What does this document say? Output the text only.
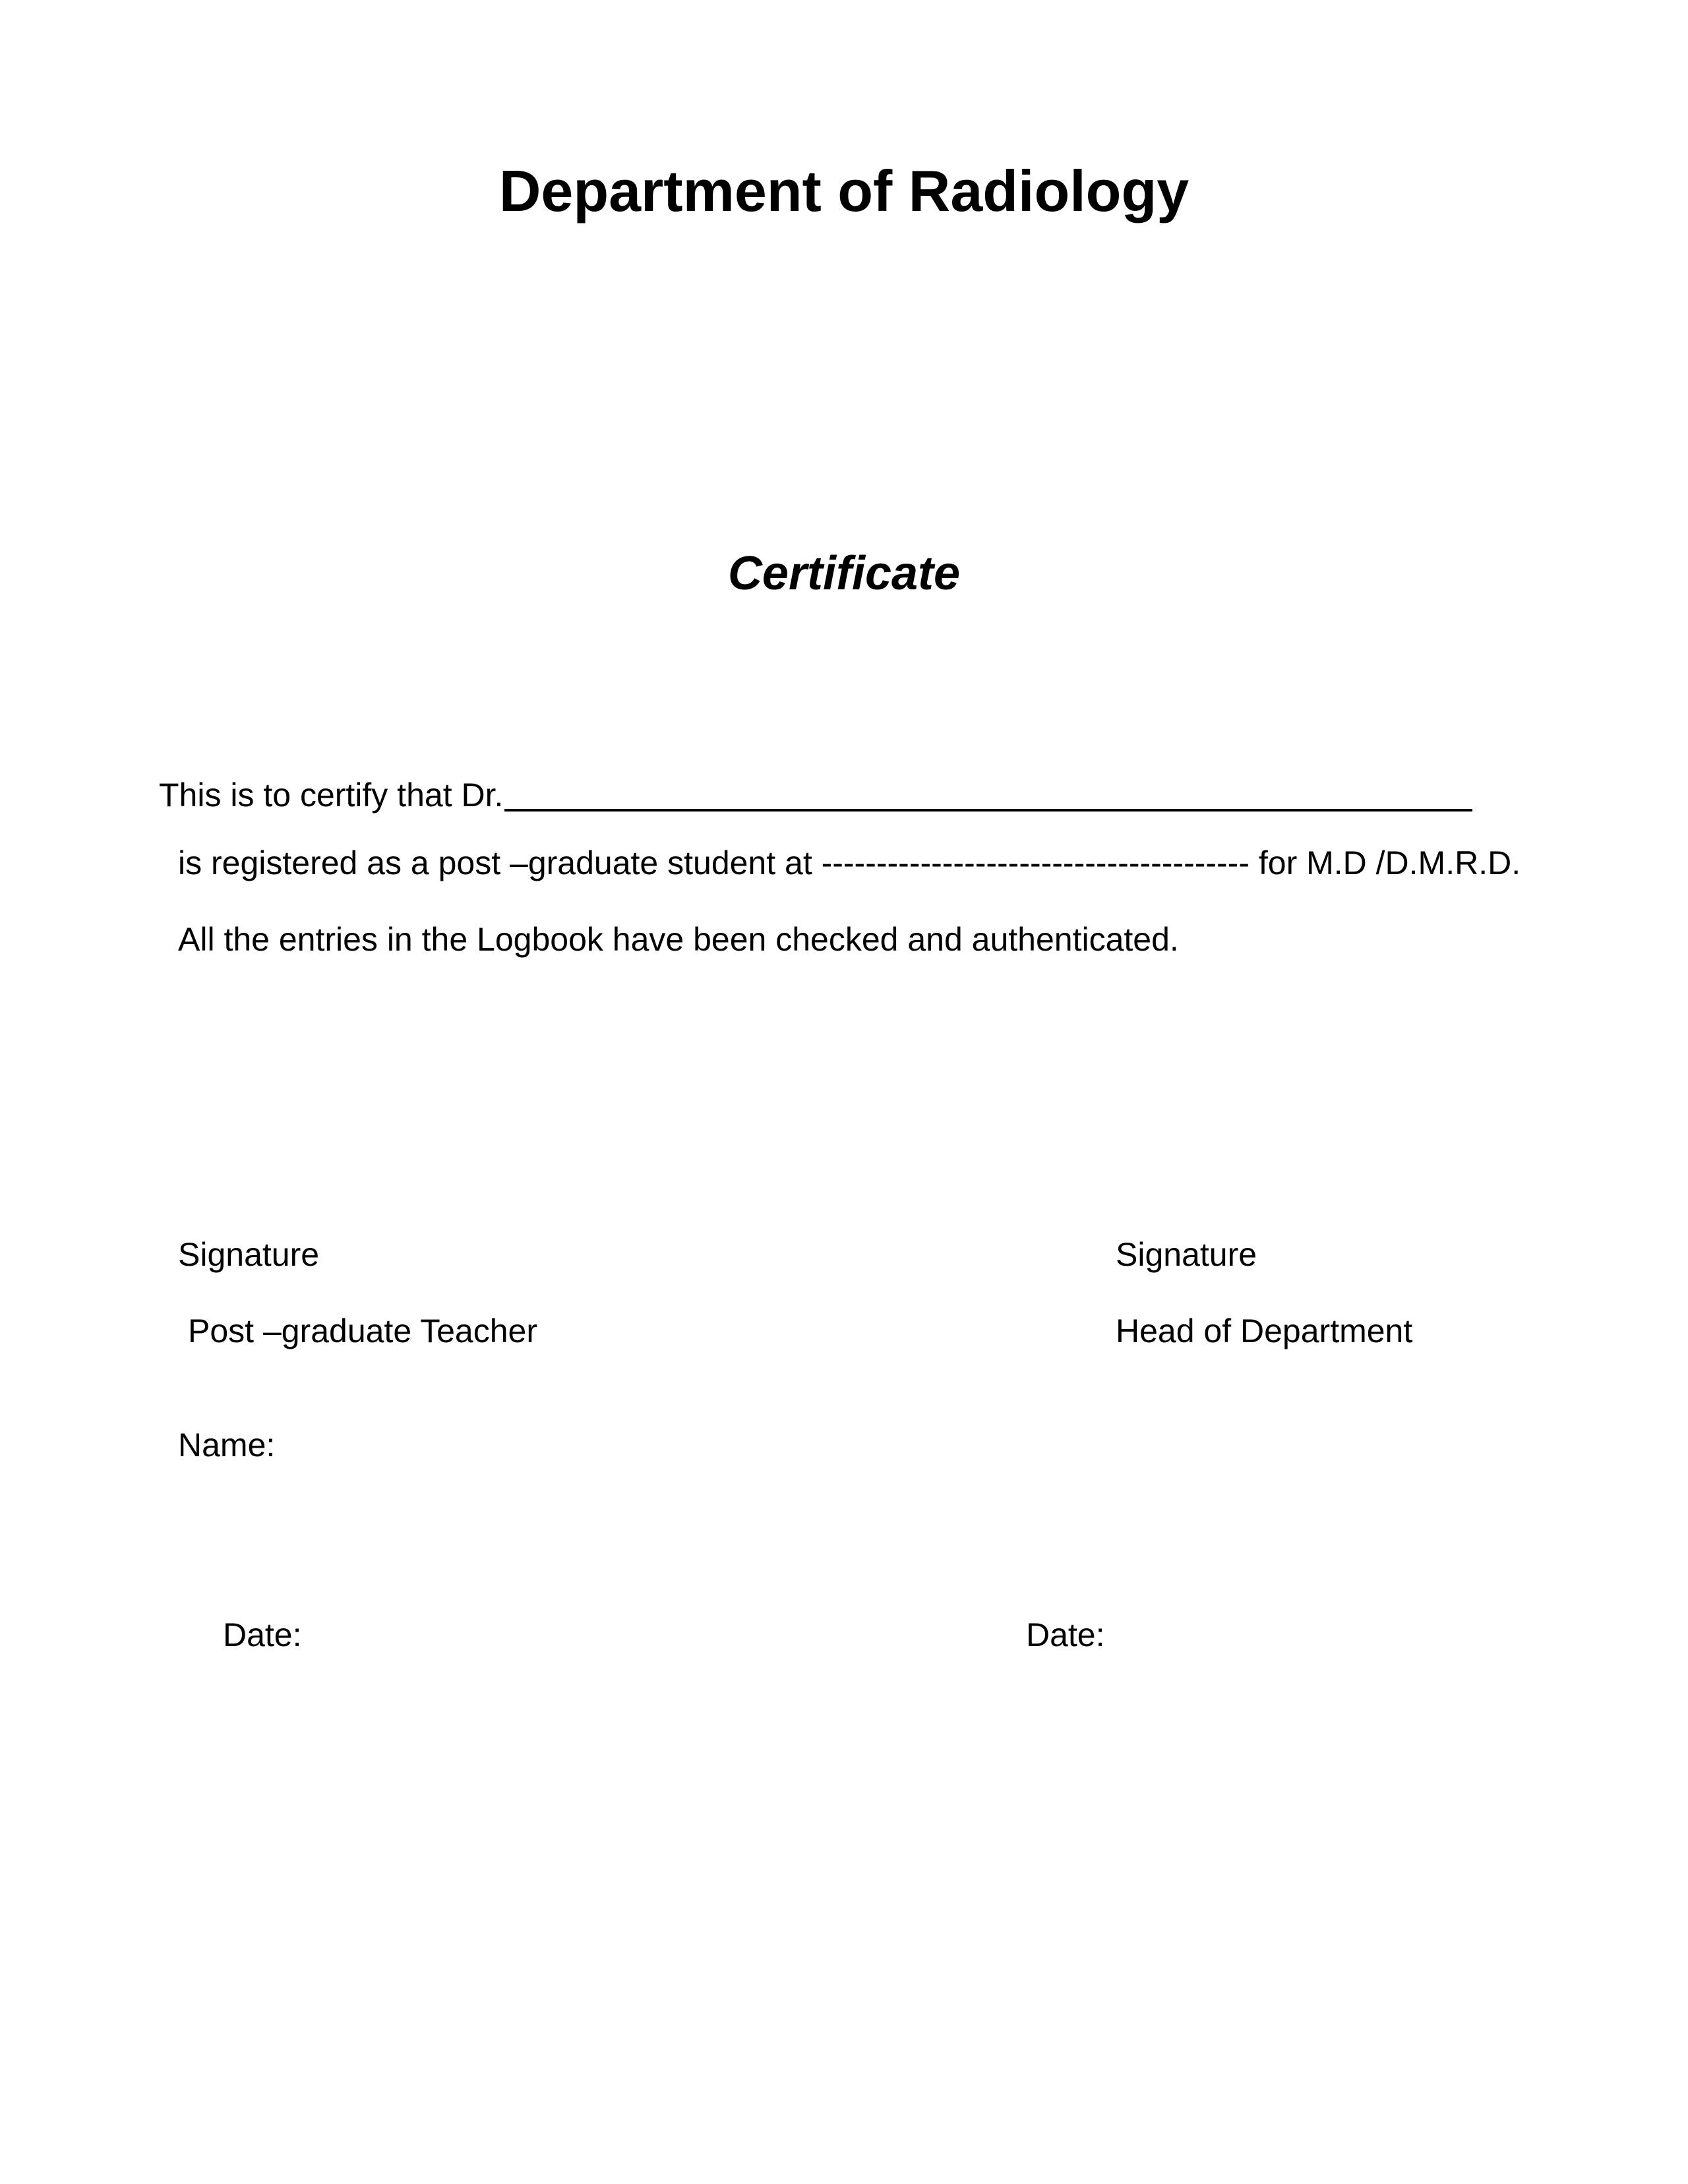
Department of Radiology
Certificate
This is to certify that Dr.
is registered as a post –graduate student at --------------------------------------- for M.D /D.M.R.D.
All the entries in the Logbook have been checked and authenticated.
Signature	Signature
Post –graduate Teacher	Head of Department
Name:
Date:	Date:
